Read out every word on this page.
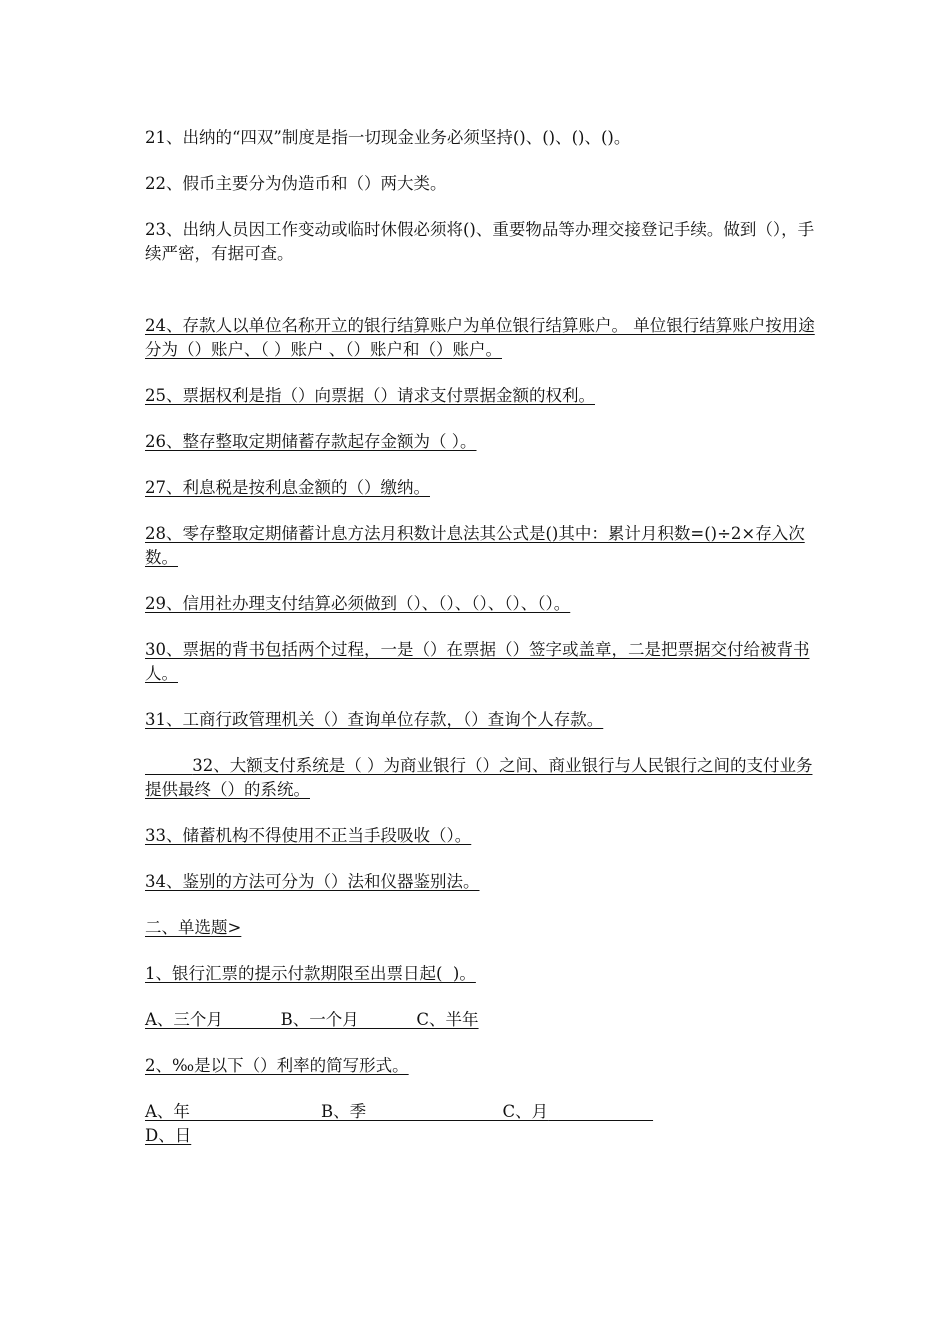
21、出纳的“四双”制度是指一切现金业务必须坚持()、()、()、()。

22、假币主要分为伪造币和（）两大类。

23、出纳人员因工作变动或临时休假必须将()、重要物品等办理交接登记手续。做到（），手续严密，有据可查。

24、存款人以单位名称开立的银行结算账户为单位银行结算账户。 单位银行结算账户按用途分为（）账户、（ ）账户 、（）账户和（）账户。

25、票据权利是指（）向票据（）请求支付票据金额的权利。

26、整存整取定期储蓄存款起存金额为（ ）。

27、利息税是按利息金额的（）缴纳。

28、零存整取定期储蓄计息方法月积数计息法其公式是()其中：累计月积数=()÷2×存入次数。

29、信用社办理支付结算必须做到（）、（）、（）、（）、（）。

30、票据的背书包括两个过程，一是（）在票据（）签字或盖章，二是把票据交付给被背书人。

31、工商行政管理机关（）查询单位存款，（）查询个人存款。

32、大额支付系统是（ ）为商业银行（）之间、商业银行与人民银行之间的支付业务提供最终（）的系统。

33、储蓄机构不得使用不正当手段吸收（）。

34、鉴别的方法可分为（）法和仪器鉴别法。

二、单选题>

1、银行汇票的提示付款期限至出票日起(  )。

A、三个月           B、一个月           C、半年

2、‰是以下（）利率的简写形式。

A、年                         B、季                          C、月                    D、日
